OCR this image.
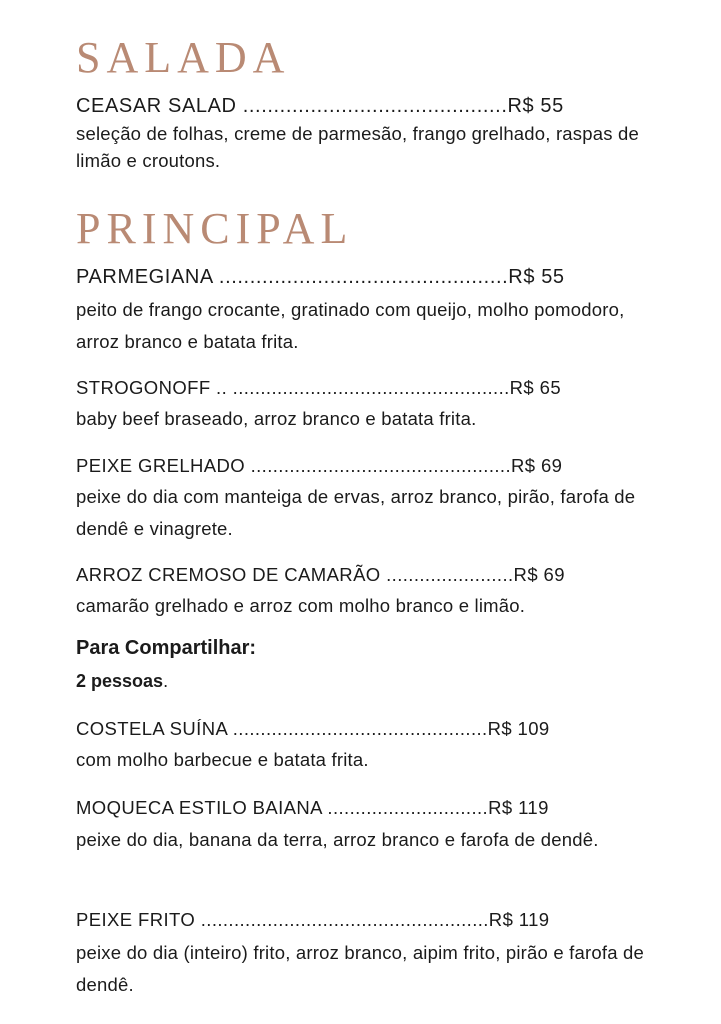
SALADA
CEASAR SALAD ...........................................R$ 55
seleção de folhas, creme de parmesão, frango grelhado, raspas de limão e croutons.
PRINCIPAL
PARMEGIANA ...............................................R$ 55
peito de frango crocante, gratinado com queijo, molho pomodoro, arroz branco e batata frita.
STROGONOFF .. ..................................................R$ 65
baby beef braseado, arroz branco e batata frita.
PEIXE GRELHADO ...............................................R$ 69
peixe do dia com manteiga de ervas, arroz branco, pirão, farofa de dendê e vinagrete.
ARROZ CREMOSO DE CAMARÃO .......................R$ 69
camarão grelhado e arroz com molho branco e limão.
Para Compartilhar:
2 pessoas.
COSTELA SUÍNA ..............................................R$ 109
com molho barbecue e batata frita.
MOQUECA ESTILO BAIANA .............................R$ 119
peixe do dia, banana da terra, arroz branco e farofa de dendê.
PEIXE FRITO ....................................................R$ 119
peixe do dia (inteiro) frito, arroz branco, aipim frito, pirão e farofa de dendê.
